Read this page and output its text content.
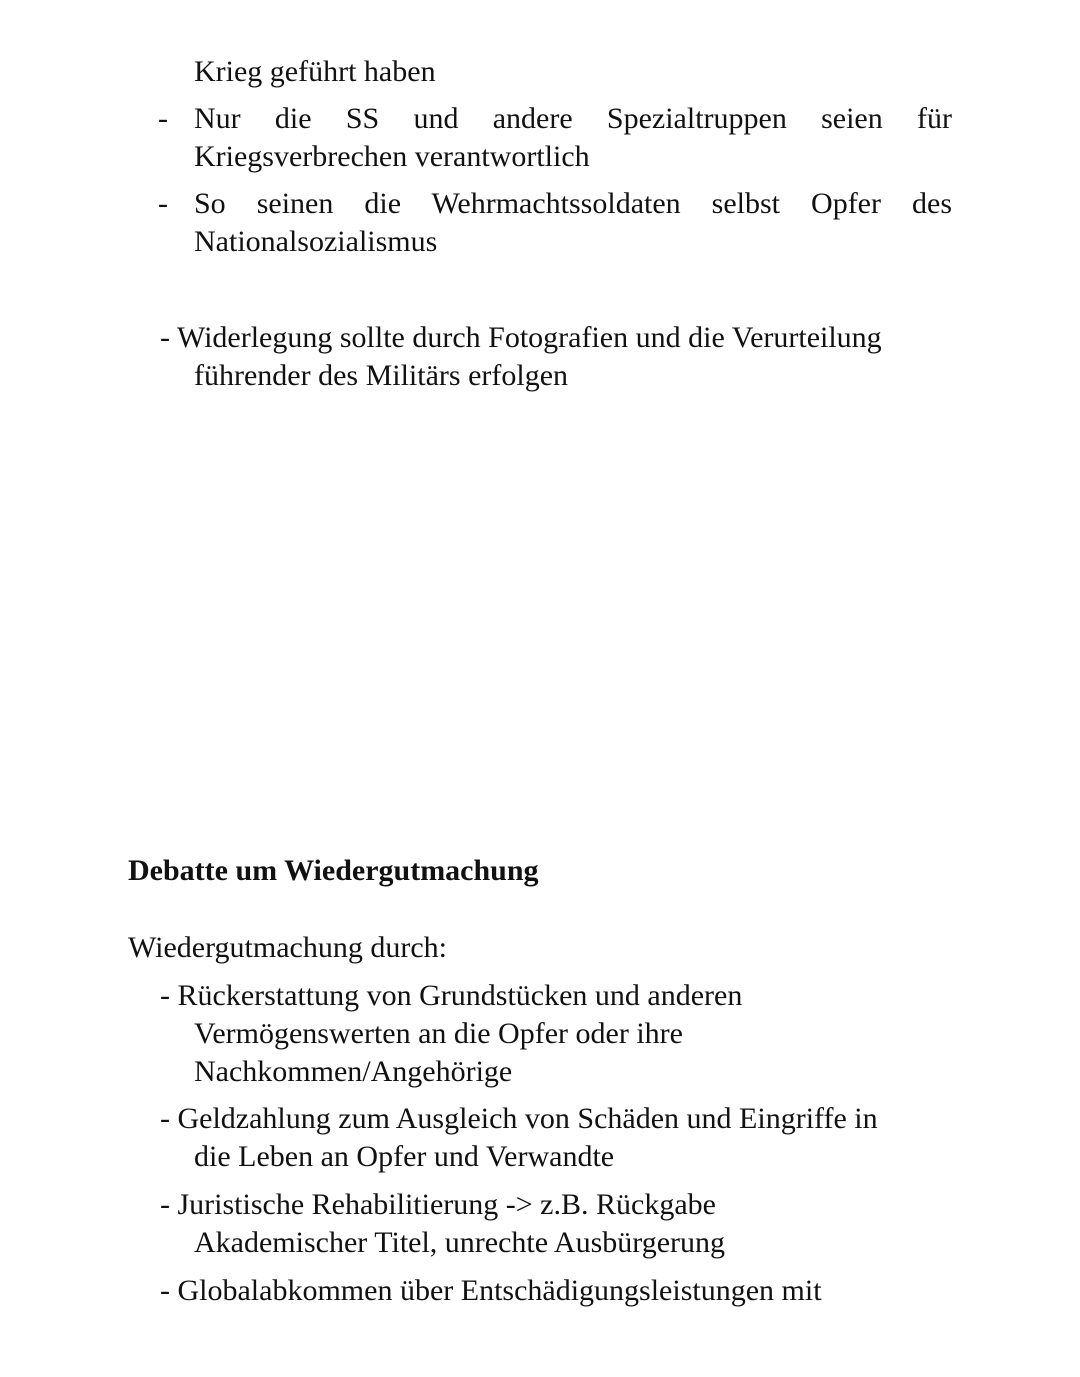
Krieg geführt haben
- Nur die SS und andere Spezialtruppen seien für
Kriegsverbrechen verantwortlich
- So seinen die Wehrmachtssoldaten selbst Opfer des
Nationalsozialismus
- Widerlegung sollte durch Fotografien und die Verurteilung
führender des Militärs erfolgen
Debatte um Wiedergutmachung
Wiedergutmachung durch:
- Rückerstattung von Grundstücken und anderen
Vermögenswerten an die Opfer oder ihre
Nachkommen/Angehörige
- Geldzahlung zum Ausgleich von Schäden und Eingriffe in
die Leben an Opfer und Verwandte
- Juristische Rehabilitierung -> z.B. Rückgabe
Akademischer Titel, unrechte Ausbürgerung
- Globalabkommen über Entschädigungsleistungen mit
